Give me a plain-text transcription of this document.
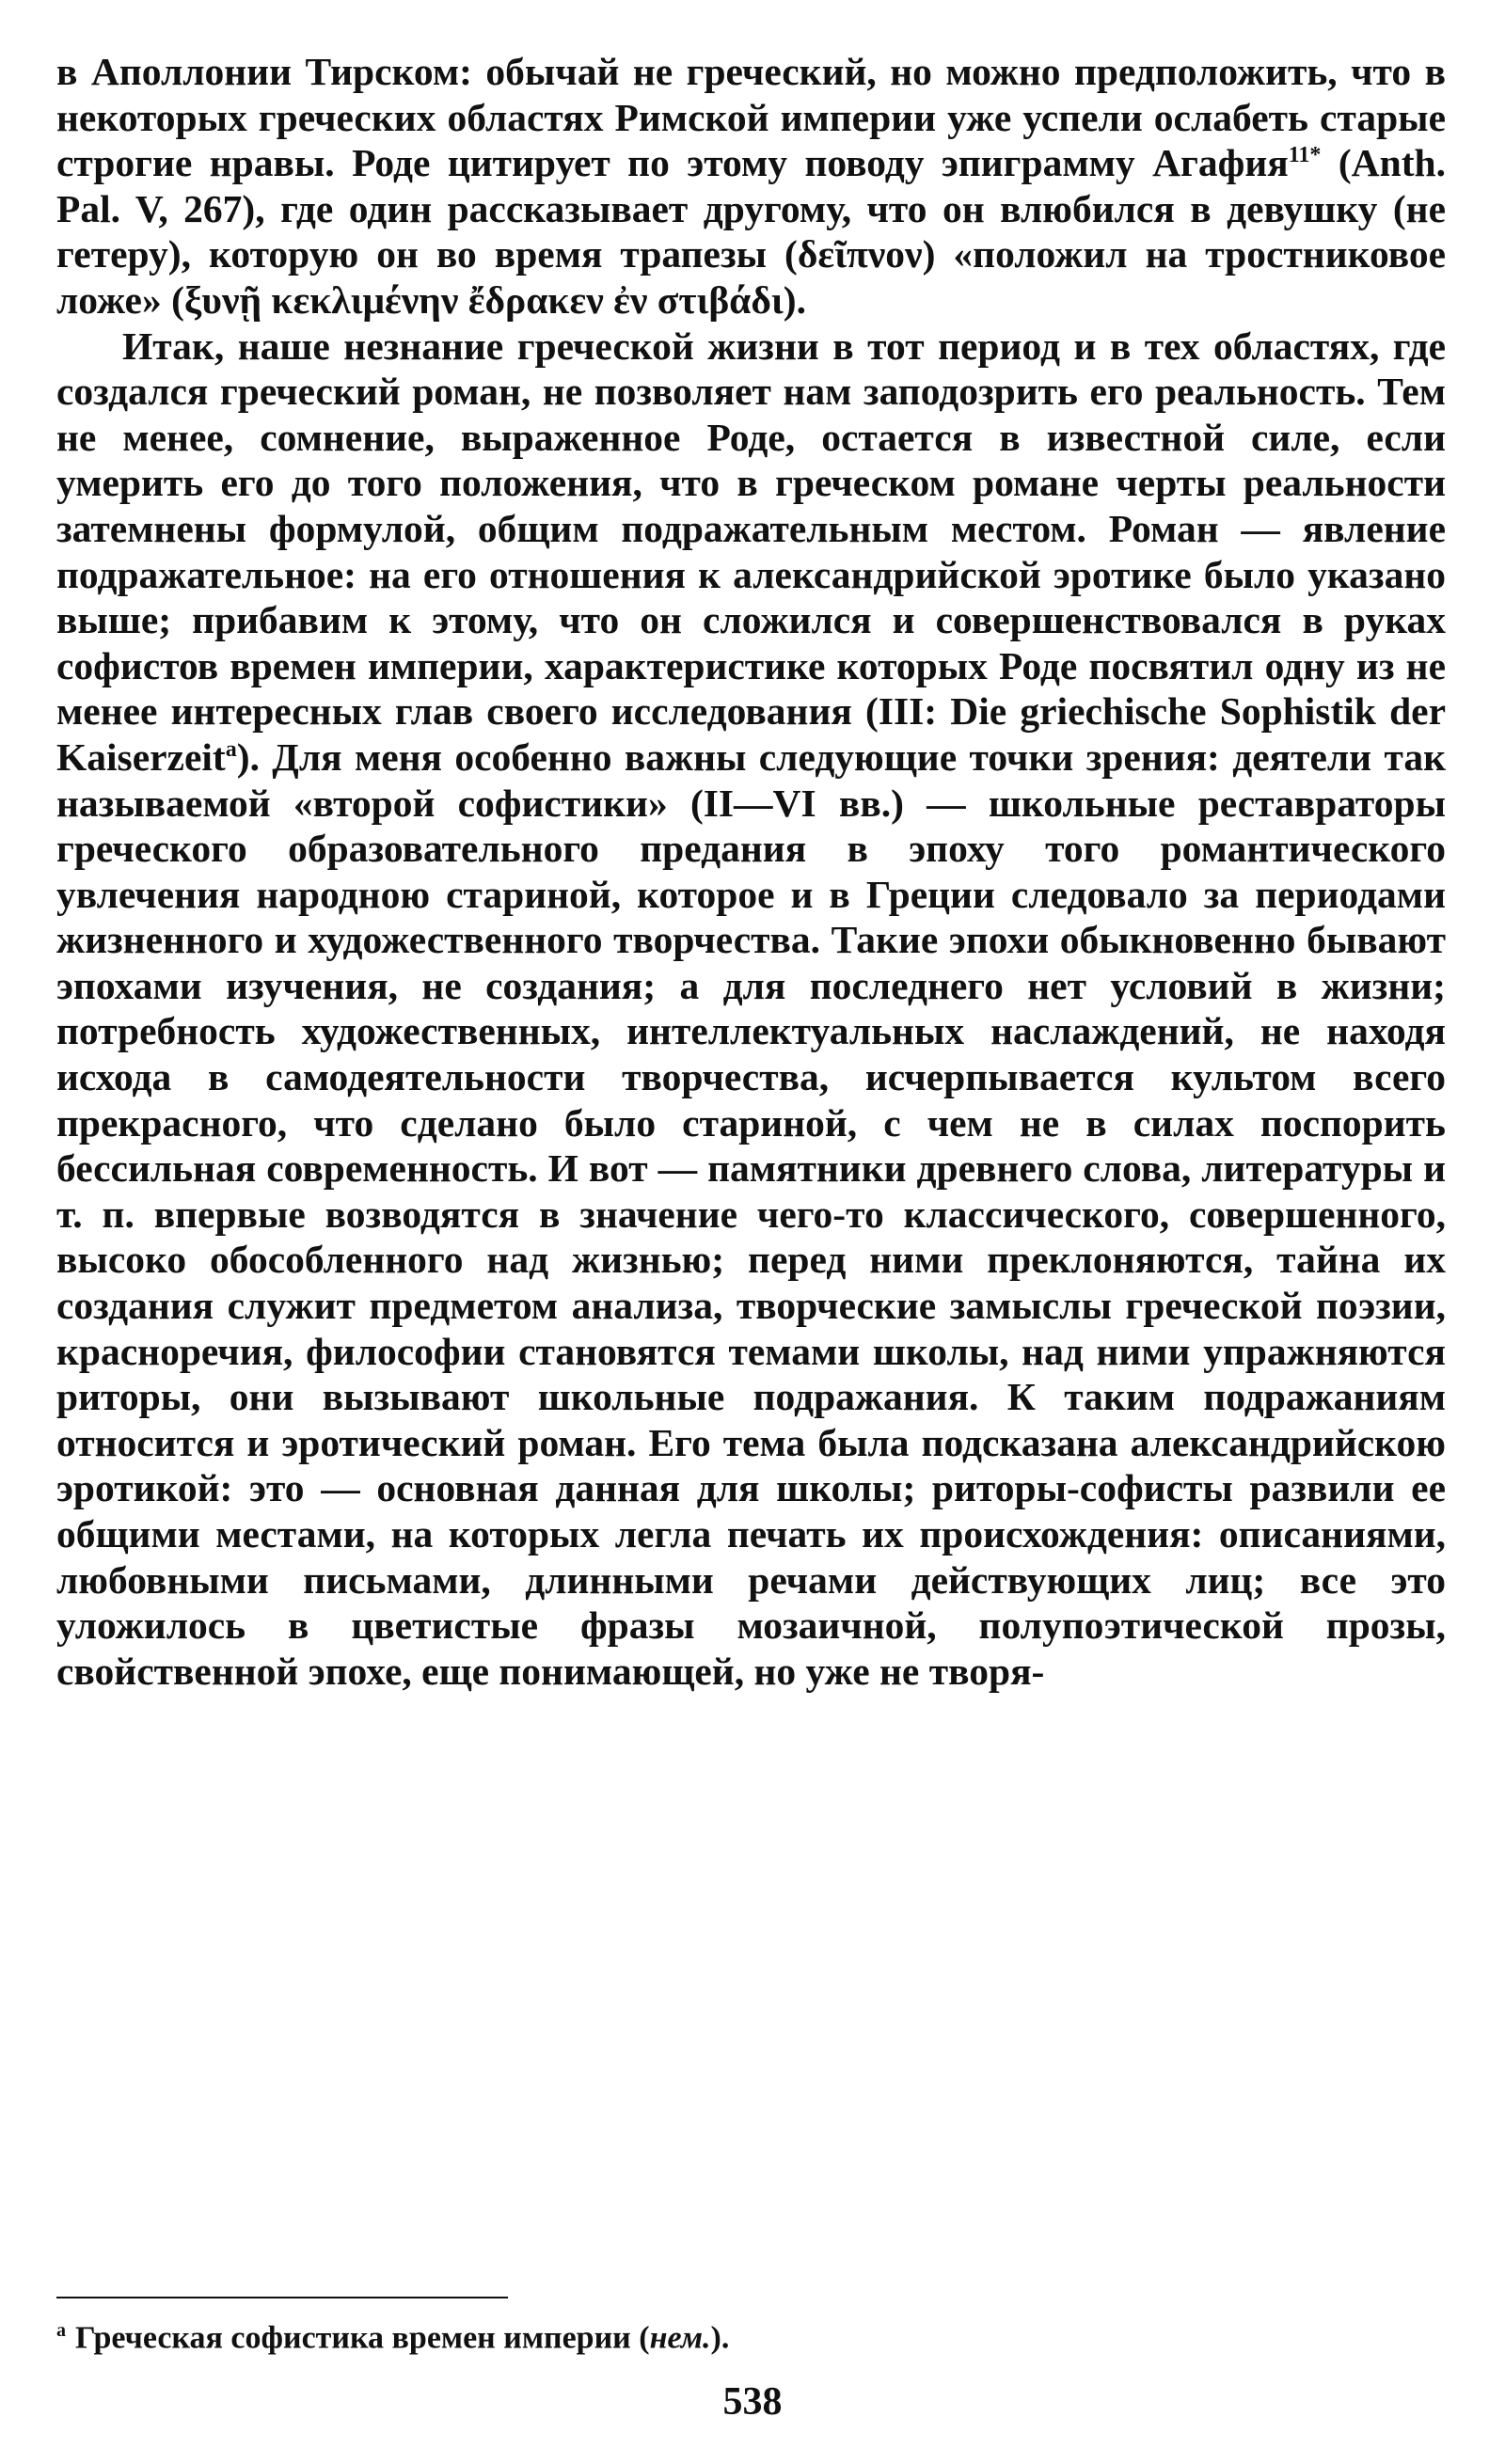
в Аполлонии Тирском: обычай не греческий, но можно предположить, что в некоторых греческих областях Римской империи уже успели ослабеть старые строгие нравы. Роде цитирует по этому поводу эпиграмму Агафия$^{11*}$ (Anth. Pal. V, 267), где один рассказывает другому, что он влюбился в девушку (не гетеру), которую он во время трапезы (δεῖπνον) «положил на тростниковое ложе» (ξυνῇ κεκλιμένην ἔδρακεν ἐν στιβάδι).

Итак, наше незнание греческой жизни в тот период и в тех областях, где создался греческий роман, не позволяет нам заподозрить его реальность. Тем не менее, сомнение, выраженное Роде, остается в известной силе, если умерить его до того положения, что в греческом романе черты реальности затемнены формулой, общим подражательным местом. Роман — явление подражательное: на его отношения к александрийской эротике было указано выше; прибавим к этому, что он сложился и совершенствовался в руках софистов времен империи, характеристике которых Роде посвятил одну из не менее интересных глав своего исследования (III: Die griechische Sophistik der Kaiserzeit$^a$). Для меня особенно важны следующие точки зрения: деятели так называемой «второй софистики» (II—VI вв.) — школьные реставраторы греческого образовательного предания в эпоху того романтического увлечения народною стариной, которое и в Греции следовало за периодами жизненного и художественного творчества. Такие эпохи обыкновенно бывают эпохами изучения, не создания; а для последнего нет условий в жизни; потребность художественных, интеллектуальных наслаждений, не находя исхода в самодеятельности творчества, исчерпывается культом всего прекрасного, что сделано было стариной, с чем не в силах поспорить бессильная современность. И вот — памятники древнего слова, литературы и т. п. впервые возводятся в значение чего-то классического, совершенного, высоко обособленного над жизнью; перед ними преклоняются, тайна их создания служит предметом анализа, творческие замыслы греческой поэзии, красноречия, философии становятся темами школы, над ними упражняются риторы, они вызывают школьные подражания. К таким подражаниям относится и эротический роман. Его тема была подсказана александрийскою эротикой: это — основная данная для школы; риторы-софисты развили ее общими местами, на которых легла печать их происхождения: описаниями, любовными письмами, длинными речами действующих лиц; все это уложилось в цветистые фразы мозаичной, полупоэтической прозы, свойственной эпохе, еще понимающей, но уже не творя-

$^a$ Греческая софистика времен империи (нем.).
538
